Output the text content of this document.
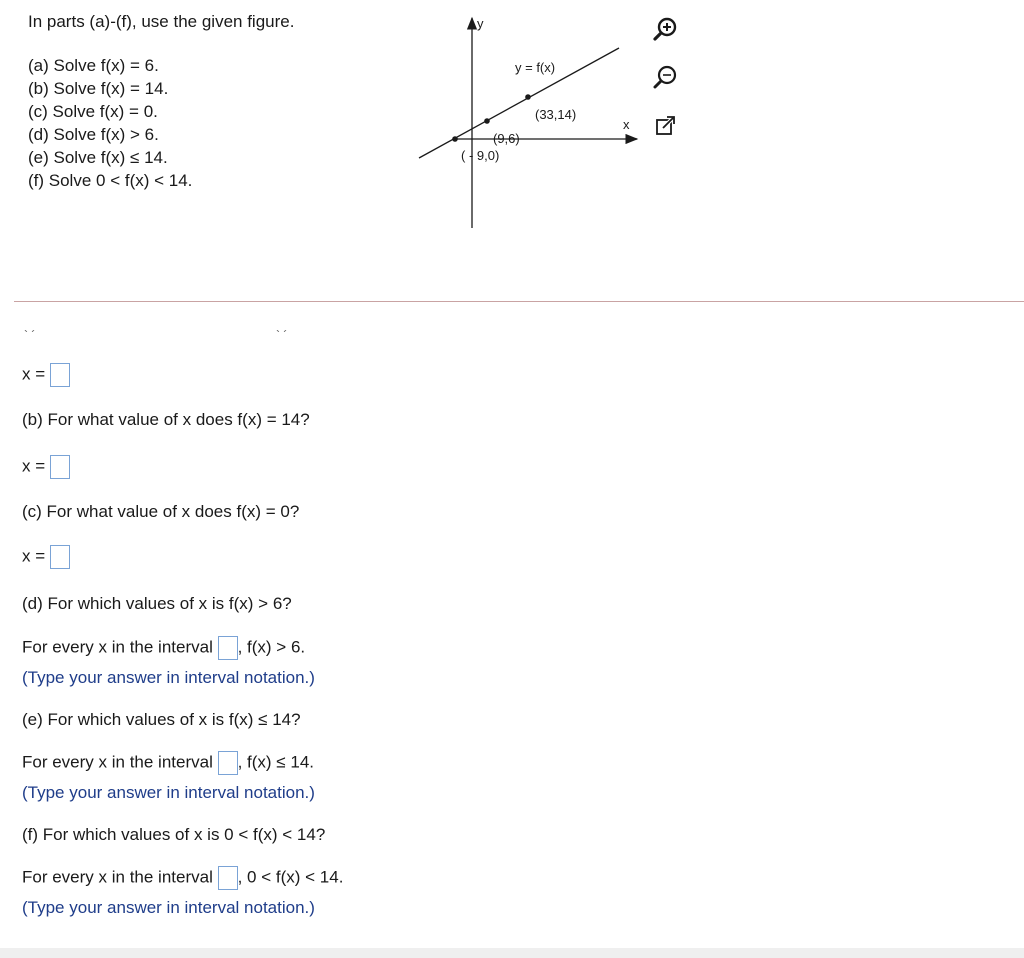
In parts (a)-(f), use the given figure.
(a) Solve f(x) = 6.
(b) Solve f(x) = 14.
(c) Solve f(x) = 0.
(d) Solve f(x) > 6.
(e) Solve f(x) ≤ 14.
(f) Solve 0 < f(x) < 14.
y
x
y = f(x)
(33,14)
(9,6)
( - 9,0)
` ´	` ´
x =
(b) For what value of x does f(x) = 14?
x =
(c) For what value of x does f(x) = 0?
x =
(d) For which values of x is f(x) > 6?
For every x in the interval , f(x) > 6.
(Type your answer in interval notation.)
(e) For which values of x is f(x) ≤ 14?
For every x in the interval , f(x) ≤ 14.
(Type your answer in interval notation.)
(f) For which values of x is 0 < f(x) < 14?
For every x in the interval , 0 < f(x) < 14.
(Type your answer in interval notation.)
